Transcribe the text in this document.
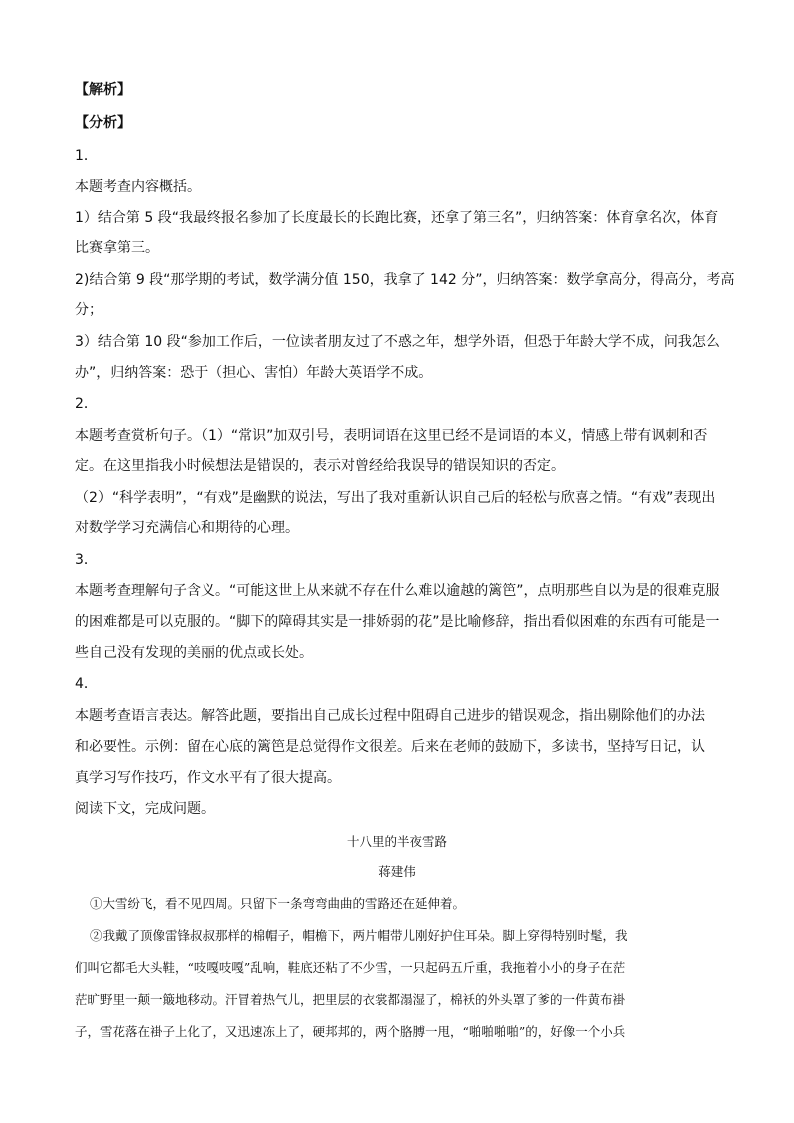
【解析】
【分析】
1．
本题考查内容概括。
1）结合第 5 段“我最终报名参加了长度最长的长跑比赛，还拿了第三名”，归纳答案：体育拿名次，体育
比赛拿第三。
2)结合第 9 段“那学期的考试，数学满分值 150，我拿了 142 分”，归纳答案：数学拿高分，得高分，考高
分；
3）结合第 10 段“参加工作后，一位读者朋友过了不惑之年，想学外语，但恐于年龄大学不成，问我怎么
办”，归纳答案：恐于（担心、害怕）年龄大英语学不成。
2．
本题考查赏析句子。（1）“常识”加双引号，表明词语在这里已经不是词语的本义，情感上带有讽刺和否
定。在这里指我小时候想法是错误的，表示对曾经给我误导的错误知识的否定。
（2）“科学表明”，“有戏”是幽默的说法，写出了我对重新认识自己后的轻松与欣喜之情。“有戏”表现出
对数学学习充满信心和期待的心理。
3．
本题考查理解句子含义。“可能这世上从来就不存在什么难以逾越的篱笆”，点明那些自以为是的很难克服
的困难都是可以克服的。“脚下的障碍其实是一排娇弱的花”是比喻修辞，指出看似困难的东西有可能是一
些自己没有发现的美丽的优点或长处。
4．
本题考查语言表达。解答此题，要指出自己成长过程中阻碍自己进步的错误观念，指出剔除他们的办法
和必要性。示例：留在心底的篱笆是总觉得作文很差。后来在老师的鼓励下，多读书，坚持写日记，认
真学习写作技巧，作文水平有了很大提高。
阅读下文，完成问题。
十八里的半夜雪路
蒋建伟
①大雪纷飞，看不见四周。只留下一条弯弯曲曲的雪路还在延伸着。
②我戴了顶像雷锋叔叔那样的棉帽子，帽檐下，两片帽带儿刚好护住耳朵。脚上穿得特别时髦，我
们叫它都毛大头鞋，“吱嘎吱嘎”乱响，鞋底还粘了不少雪，一只起码五斤重，我拖着小小的身子在茫
茫旷野里一颠一簸地移动。汗冒着热气儿，把里层的衣裳都溻湿了，棉袄的外头罩了爹的一件黄布褂
子，雪花落在褂子上化了，又迅速冻上了，硬邦邦的，两个胳膊一甩，“啪啪啪啪”的，好像一个小兵
